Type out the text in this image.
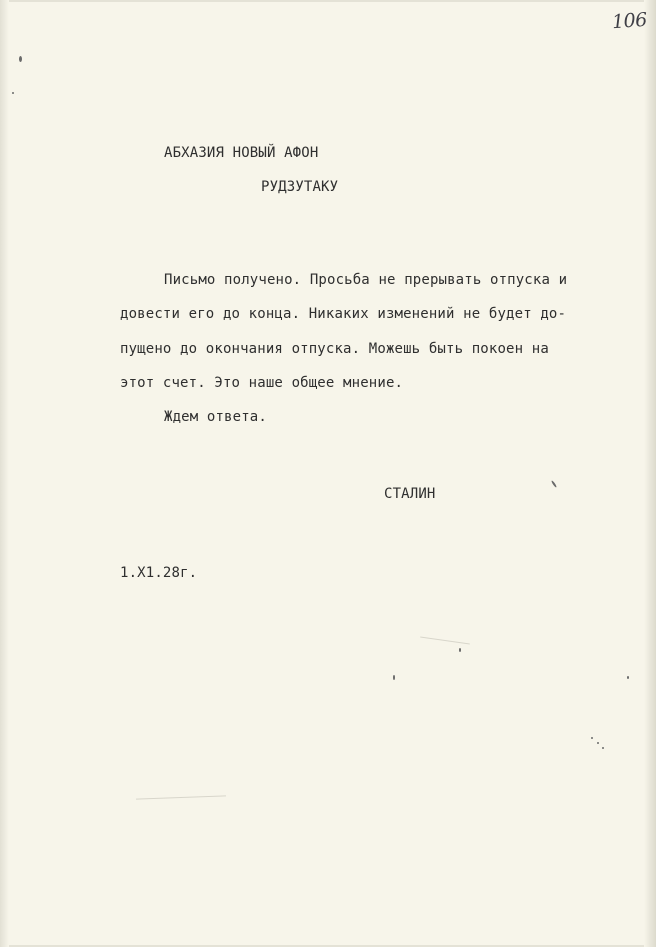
106
АБХАЗИЯ НОВЫЙ АФОН
РУДЗУТАКУ
Письмо получено. Просьба не прерывать отпуска и
довести его до конца. Никаких изменений не будет до-
пущено до окончания отпуска. Можешь быть покоен на
этот счет. Это наше общее мнение.
Ждем ответа.
СТАЛИН
1.Х1.28г.
